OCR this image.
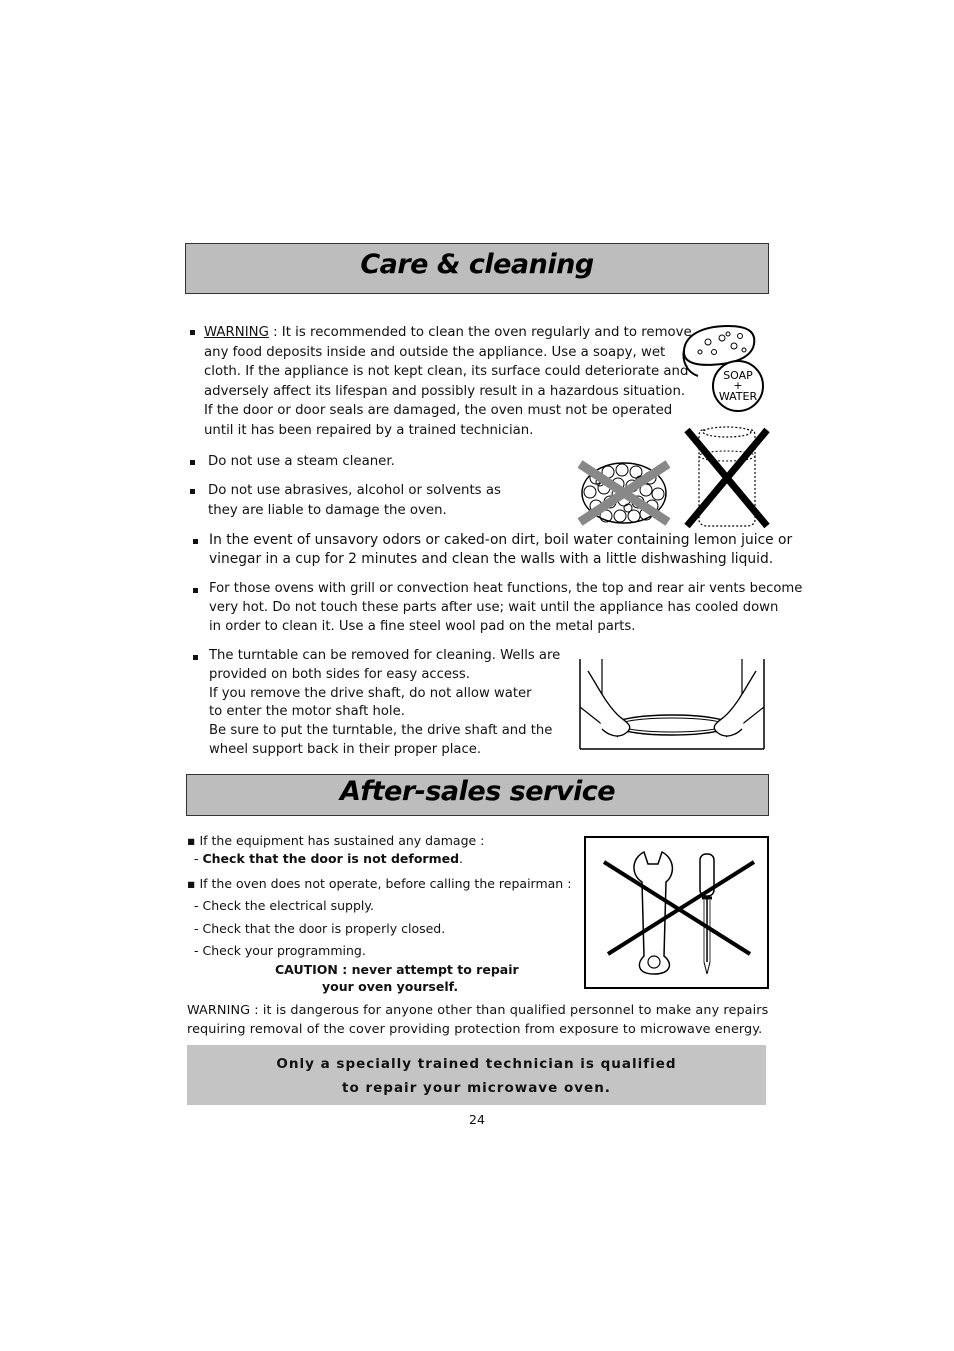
Care & cleaning
WARNING : It is recommended to clean the oven regularly and to remove
any food deposits inside and outside the appliance. Use a soapy, wet
cloth. If the appliance is not kept clean, its surface could deteriorate and
adversely affect its lifespan and possibly result in a hazardous situation.
If the door or door seals are damaged, the oven must not be operated
until it has been repaired by a trained technician.
SOAP
+
WATER
Do not use a steam cleaner.
Do not use abrasives, alcohol or solvents as
they are liable to damage the oven.
In the event of unsavory odors or caked-on dirt, boil water containing lemon juice or
vinegar in a cup for 2 minutes and clean the walls with a little dishwashing liquid.
For those ovens with grill or convection heat functions, the top and rear air vents become
very hot. Do not touch these parts after use; wait until the appliance has cooled down
in order to clean it. Use a fine steel wool pad on the metal parts.
The turntable can be removed for cleaning. Wells are
provided on both sides for easy access.
If you remove the drive shaft, do not allow water
to enter the motor shaft hole.
Be sure to put the turntable, the drive shaft and the
wheel support back in their proper place.
After-sales service
▪ If the equipment has sustained any damage :
- Check that the door is not deformed.
▪ If the oven does not operate, before calling the repairman :
- Check the electrical supply.
- Check that the door is properly closed.
- Check your programming.
CAUTION : never attempt to repair
your oven yourself.
WARNING : it is dangerous for anyone other than qualified personnel to make any repairs
requiring removal of the cover providing protection from exposure to microwave energy.
Only a specially trained technician is qualified
to repair your microwave oven.
24
